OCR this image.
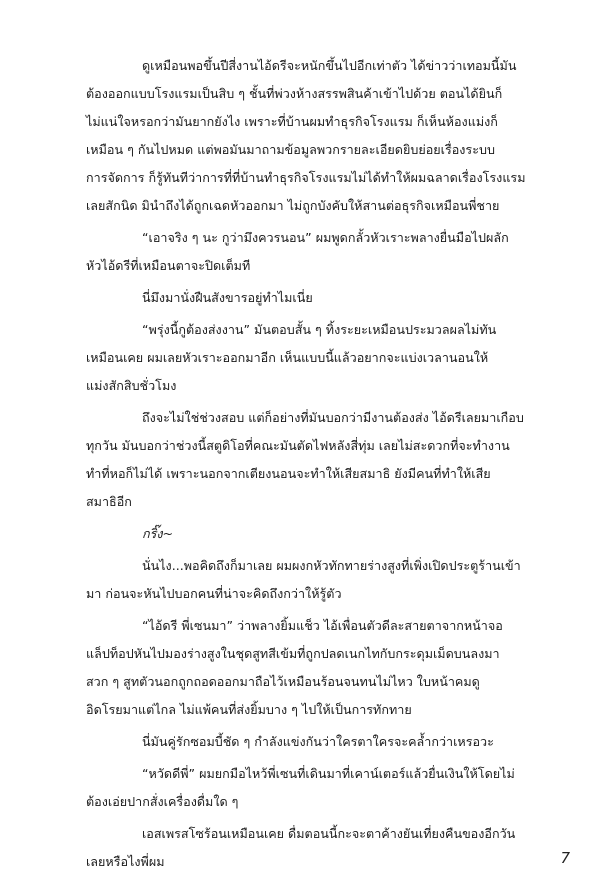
ดูเหมือนพอขึ้นปีสี่งานไอ้ดรีจะหนักขึ้นไปอีกเท่าตัว ได้ข่าวว่าเทอมนี้มัน
ต้องออกแบบโรงแรมเป็นสิบ ๆ ชั้นที่พ่วงห้างสรรพสินค้าเข้าไปด้วย ตอนได้ยินก็
ไม่แน่ใจหรอกว่ามันยากยังไง เพราะที่บ้านผมทำธุรกิจโรงแรม ก็เห็นห้องแม่งก็
เหมือน ๆ กันไปหมด แต่พอมันมาถามข้อมูลพวกรายละเอียดยิบย่อยเรื่องระบบ
การจัดการ ก็รู้ทันทีว่าการที่ที่บ้านทำธุรกิจโรงแรมไม่ได้ทำให้ผมฉลาดเรื่องโรงแรม
เลยสักนิด มินำถึงได้ถูกเฉดหัวออกมา ไม่ถูกบังคับให้สานต่อธุรกิจเหมือนพี่ชาย

“เอาจริง ๆ นะ กูว่ามึงควรนอน” ผมพูดกลั้วหัวเราะพลางยื่นมือไปผลัก
หัวไอ้ดรีที่เหมือนตาจะปิดเต็มที

นี่มึงมานั่งฝืนสังขารอยู่ทำไมเนี่ย

“พรุ่งนี้กูต้องส่งงาน” มันตอบสั้น ๆ ทิ้งระยะเหมือนประมวลผลไม่ทัน
เหมือนเคย ผมเลยหัวเราะออกมาอีก เห็นแบบนี้แล้วอยากจะแบ่งเวลานอนให้
แม่งสักสิบชั่วโมง

ถึงจะไม่ใช่ช่วงสอบ แต่ก็อย่างที่มันบอกว่ามีงานต้องส่ง ไอ้ดรีเลยมาเกือบ
ทุกวัน มันบอกว่าช่วงนี้สตูดิโอที่คณะมันตัดไฟหลังสี่ทุ่ม เลยไม่สะดวกที่จะทำงาน
ทำที่หอก็ไม่ได้ เพราะนอกจากเตียงนอนจะทำให้เสียสมาธิ ยังมีคนที่ทำให้เสีย
สมาธิอีก

กริ๊ง~

นั่นไง...พอคิดถึงก็มาเลย ผมผงกหัวทักทายร่างสูงที่เพิ่งเปิดประตูร้านเข้า
มา ก่อนจะหันไปบอกคนที่น่าจะคิดถึงกว่าให้รู้ตัว

“ไอ้ดรี พี่เซนมา” ว่าพลางยิ้มแช็ว ไอ้เพื่อนตัวดีละสายตาจากหน้าจอ
แล็ปท็อปหันไปมองร่างสูงในชุดสูทสีเข้มที่ถูกปลดเนกไทกับกระดุมเม็ดบนลงมา
สวก ๆ สูทตัวนอกถูกถอดออกมาถือไว้เหมือนร้อนจนทนไม่ไหว ใบหน้าคมดู
อิดโรยมาแต่ไกล ไม่แพ้คนที่ส่งยิ้มบาง ๆ ไปให้เป็นการทักทาย

นี่มันคู่รักซอมบี้ชัด ๆ กำลังแข่งกันว่าใครตาใครจะคล้ำกว่าเหรอวะ

“หวัดดีพี่” ผมยกมือไหว้พี่เซนที่เดินมาที่เคาน์เตอร์แล้วยื่นเงินให้โดยไม่
ต้องเอ่ยปากสั่งเครื่องดื่มใด ๆ

เอสเพรสโซร้อนเหมือนเคย ดื่มตอนนี้กะจะตาค้างยันเที่ยงคืนของอีกวัน
เลยหรือไงพี่ผม	7
